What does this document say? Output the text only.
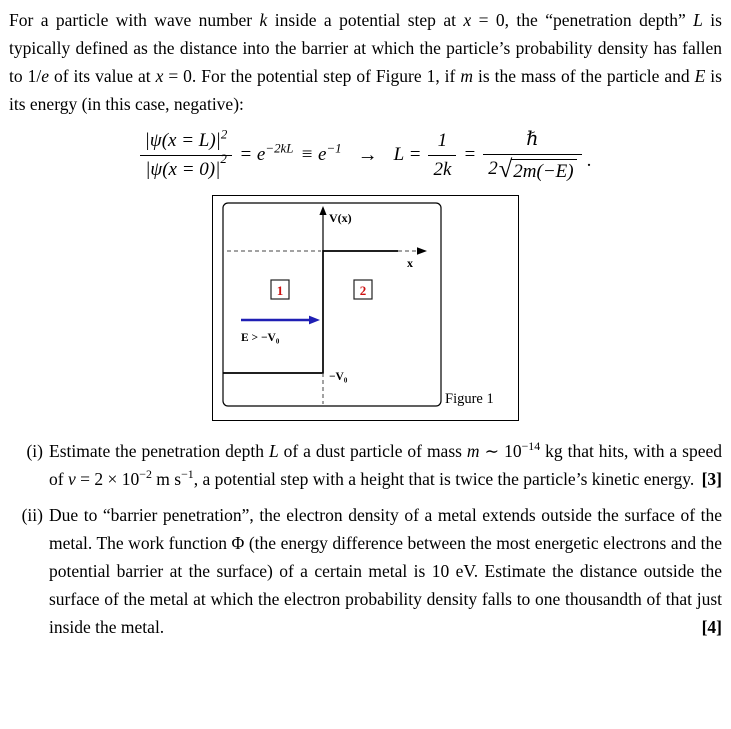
For a particle with wave number k inside a potential step at x = 0, the “penetration depth” L is typically defined as the distance into the barrier at which the particle’s probability density has fallen to 1/e of its value at x = 0. For the potential step of Figure 1, if m is the mass of the particle and E is its energy (in this case, negative):

$|\psi(x = L)|^2$
|ψ(x = 0)|
$2 = e^{-2kL} \equiv e^{-1} \to L = \frac{1}{2k} = \frac{\text{ℏ}}{2 √ 2m(-E)}$ .
x
V(x)
−V₀
1	2
E > −V₀
Figure 1
(i) Estimate the penetration depth L of a dust particle of mass m ∼ $10^{-14}$ kg that hits, with a speed of $v = 2 \times 10^{-2}$ m $s^{-1}$, a potential step with a height that is twice the particle’s kinetic energy. [3]
(ii) Due to “barrier penetration”, the electron density of a metal extends outside the surface of the metal. The work function Φ (the energy difference between the most energetic electrons and the potential barrier at the surface) of a certain metal is 10 eV. Estimate the distance outside the surface of the metal at which the electron probability density falls to one thousandth of that just inside the metal.	[4]
